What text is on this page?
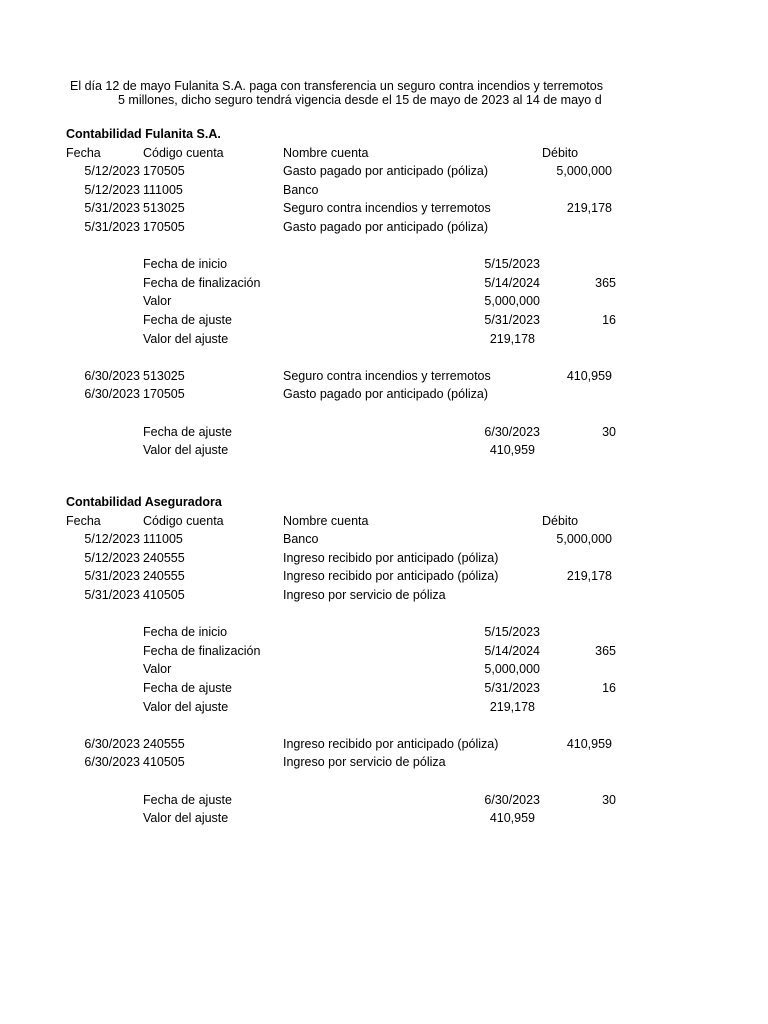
El día 12 de mayo Fulanita S.A. paga con transferencia un seguro contra incendios y terremotos
5 millones, dicho seguro tendrá vigencia desde el 15 de mayo de 2023 al 14 de mayo d
Contabilidad Fulanita S.A.
Fecha	Código cuenta	Nombre cuenta	Débito
5/12/2023 170505	Gasto pagado por anticipado (póliza)	5,000,000
5/12/2023 111005	Banco
5/31/2023 513025	Seguro contra incendios y terremotos	219,178
5/31/2023 170505	Gasto pagado por anticipado (póliza)
Fecha de inicio	5/15/2023
Fecha de finalización	5/14/2024	365
Valor	5,000,000
Fecha de ajuste	5/31/2023	16
Valor del ajuste	219,178
6/30/2023 513025	Seguro contra incendios y terremotos	410,959
6/30/2023 170505	Gasto pagado por anticipado (póliza)
Fecha de ajuste	6/30/2023	30
Valor del ajuste	410,959
Contabilidad Aseguradora
Fecha	Código cuenta	Nombre cuenta	Débito
5/12/2023 111005	Banco	5,000,000
5/12/2023 240555	Ingreso recibido por anticipado (póliza)
5/31/2023 240555	Ingreso recibido por anticipado (póliza)	219,178
5/31/2023 410505	Ingreso por servicio de póliza
Fecha de inicio	5/15/2023
Fecha de finalización	5/14/2024	365
Valor	5,000,000
Fecha de ajuste	5/31/2023	16
Valor del ajuste	219,178
6/30/2023 240555	Ingreso recibido por anticipado (póliza)	410,959
6/30/2023 410505	Ingreso por servicio de póliza
Fecha de ajuste	6/30/2023	30
Valor del ajuste	410,959
